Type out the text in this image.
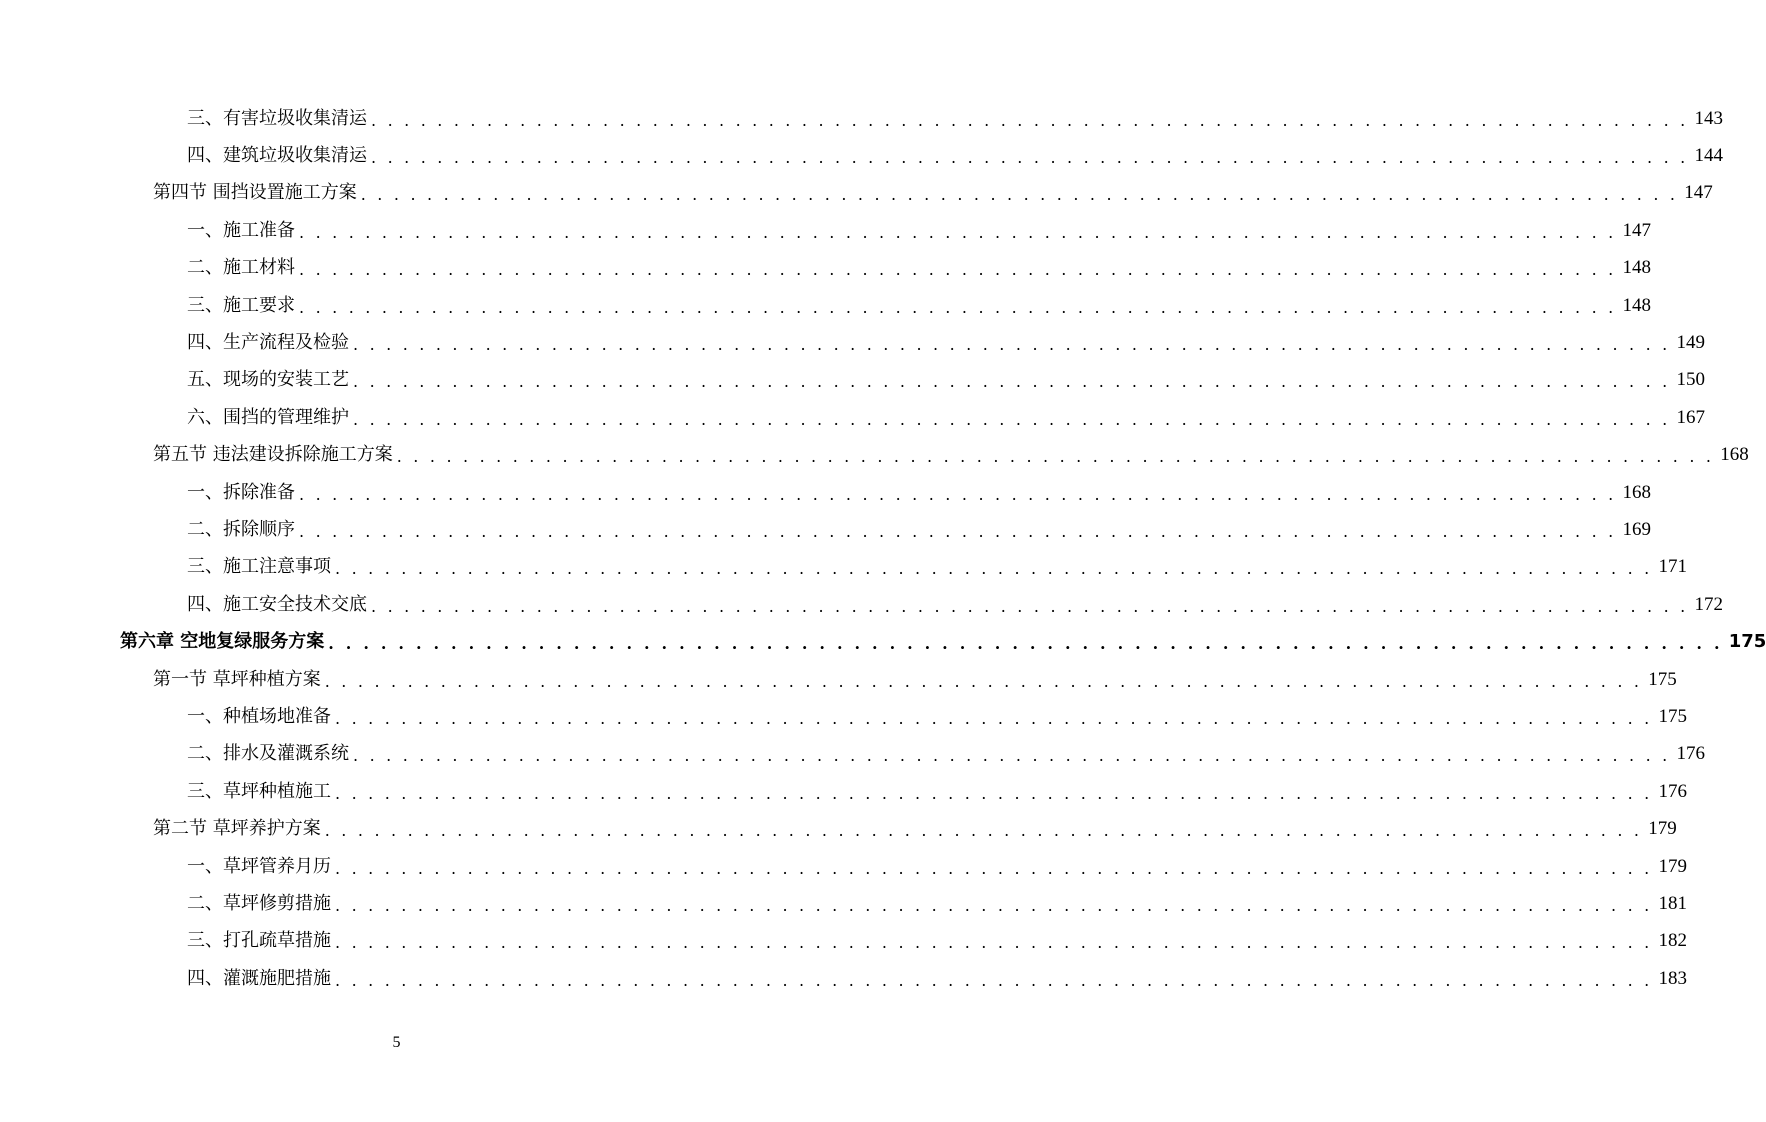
三、有害垃圾收集清运 . . . . . . . . . . . . . . . . . . . . . . . . . . . . . . . . . . . . . . . . . . . . . . . . . . . . . . . . . . . . . . . . . . . . . . . . . . . . . . . . 143
四、建筑垃圾收集清运 . . . . . . . . . . . . . . . . . . . . . . . . . . . . . . . . . . . . . . . . . . . . . . . . . . . . . . . . . . . . . . . . . . . . . . . . . . . . . . . . 144
第四节 围挡设置施工方案 . . . . . . . . . . . . . . . . . . . . . . . . . . . . . . . . . . . . . . . . . . . . . . . . . . . . . . . . . . . . . . . . . . . . . . . . . . . . . . . . 147
一、施工准备 . . . . . . . . . . . . . . . . . . . . . . . . . . . . . . . . . . . . . . . . . . . . . . . . . . . . . . . . . . . . . . . . . . . . . . . . . . . . . . . . 147
二、施工材料 . . . . . . . . . . . . . . . . . . . . . . . . . . . . . . . . . . . . . . . . . . . . . . . . . . . . . . . . . . . . . . . . . . . . . . . . . . . . . . . . 148
三、施工要求 . . . . . . . . . . . . . . . . . . . . . . . . . . . . . . . . . . . . . . . . . . . . . . . . . . . . . . . . . . . . . . . . . . . . . . . . . . . . . . . . 148
四、生产流程及检验 . . . . . . . . . . . . . . . . . . . . . . . . . . . . . . . . . . . . . . . . . . . . . . . . . . . . . . . . . . . . . . . . . . . . . . . . . . . . . . . . 149
五、现场的安装工艺 . . . . . . . . . . . . . . . . . . . . . . . . . . . . . . . . . . . . . . . . . . . . . . . . . . . . . . . . . . . . . . . . . . . . . . . . . . . . . . . . 150
六、围挡的管理维护 . . . . . . . . . . . . . . . . . . . . . . . . . . . . . . . . . . . . . . . . . . . . . . . . . . . . . . . . . . . . . . . . . . . . . . . . . . . . . . . . 167
第五节 违法建设拆除施工方案 . . . . . . . . . . . . . . . . . . . . . . . . . . . . . . . . . . . . . . . . . . . . . . . . . . . . . . . . . . . . . . . . . . . . . . . . . . . . . . . . 168
一、拆除准备 . . . . . . . . . . . . . . . . . . . . . . . . . . . . . . . . . . . . . . . . . . . . . . . . . . . . . . . . . . . . . . . . . . . . . . . . . . . . . . . . 168
二、拆除顺序 . . . . . . . . . . . . . . . . . . . . . . . . . . . . . . . . . . . . . . . . . . . . . . . . . . . . . . . . . . . . . . . . . . . . . . . . . . . . . . . . 169
三、施工注意事项 . . . . . . . . . . . . . . . . . . . . . . . . . . . . . . . . . . . . . . . . . . . . . . . . . . . . . . . . . . . . . . . . . . . . . . . . . . . . . . . . 171
四、施工安全技术交底 . . . . . . . . . . . . . . . . . . . . . . . . . . . . . . . . . . . . . . . . . . . . . . . . . . . . . . . . . . . . . . . . . . . . . . . . . . . . . . . . 172
第六章 空地复绿服务方案 . . . . . . . . . . . . . . . . . . . . . . . . . . . . . . . . . . . . . . . . . . . . . . . . . . . . . . . . . . . . . . . . . . . . . . . . . . . . . . . . 175
第一节 草坪种植方案 . . . . . . . . . . . . . . . . . . . . . . . . . . . . . . . . . . . . . . . . . . . . . . . . . . . . . . . . . . . . . . . . . . . . . . . . . . . . . . . . 175
一、种植场地准备 . . . . . . . . . . . . . . . . . . . . . . . . . . . . . . . . . . . . . . . . . . . . . . . . . . . . . . . . . . . . . . . . . . . . . . . . . . . . . . . . 175
二、排水及灌溉系统 . . . . . . . . . . . . . . . . . . . . . . . . . . . . . . . . . . . . . . . . . . . . . . . . . . . . . . . . . . . . . . . . . . . . . . . . . . . . . . . . 176
三、草坪种植施工 . . . . . . . . . . . . . . . . . . . . . . . . . . . . . . . . . . . . . . . . . . . . . . . . . . . . . . . . . . . . . . . . . . . . . . . . . . . . . . . . 176
第二节 草坪养护方案 . . . . . . . . . . . . . . . . . . . . . . . . . . . . . . . . . . . . . . . . . . . . . . . . . . . . . . . . . . . . . . . . . . . . . . . . . . . . . . . . 179
一、草坪管养月历 . . . . . . . . . . . . . . . . . . . . . . . . . . . . . . . . . . . . . . . . . . . . . . . . . . . . . . . . . . . . . . . . . . . . . . . . . . . . . . . . 179
二、草坪修剪措施 . . . . . . . . . . . . . . . . . . . . . . . . . . . . . . . . . . . . . . . . . . . . . . . . . . . . . . . . . . . . . . . . . . . . . . . . . . . . . . . . 181
三、打孔疏草措施 . . . . . . . . . . . . . . . . . . . . . . . . . . . . . . . . . . . . . . . . . . . . . . . . . . . . . . . . . . . . . . . . . . . . . . . . . . . . . . . . 182
四、灌溉施肥措施 . . . . . . . . . . . . . . . . . . . . . . . . . . . . . . . . . . . . . . . . . . . . . . . . . . . . . . . . . . . . . . . . . . . . . . . . . . . . . . . . 183
5
